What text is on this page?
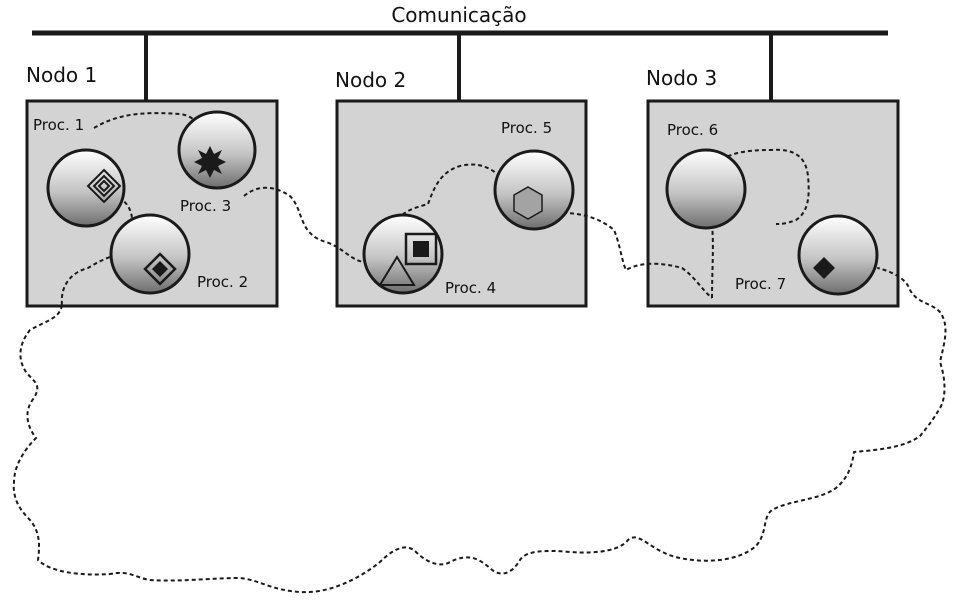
Comunicação
Nodo 1	Nodo 2	Nodo 3
Proc. 1
Proc. 2
Proc. 3
Proc. 4
Proc. 5	Proc. 6
Proc. 7
